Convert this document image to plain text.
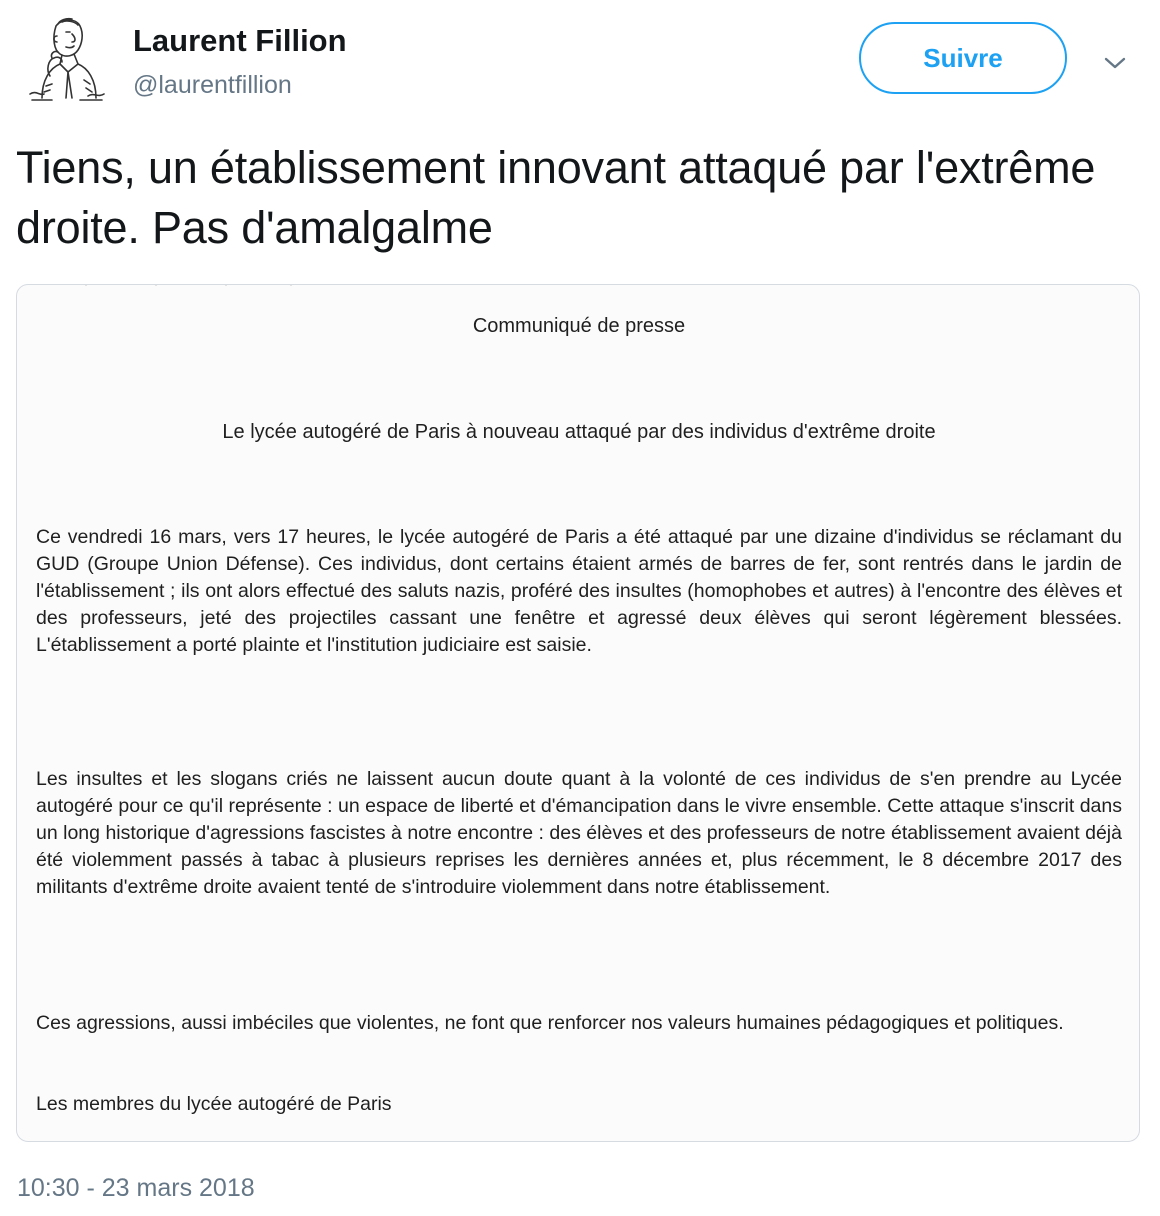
Laurent Fillion
@laurentfillion
Suivre
Tiens, un établissement innovant attaqué par l'extrême droite. Pas d'amalgalme
Communiqué de presse
Le lycée autogéré de Paris à nouveau attaqué par des individus d'extrême droite
Ce vendredi 16 mars, vers 17 heures, le lycée autogéré de Paris a été attaqué par une dizaine d'individus se réclamant du GUD (Groupe Union Défense). Ces individus, dont certains étaient armés de barres de fer, sont rentrés dans le jardin de l'établissement ; ils ont alors effectué des saluts nazis, proféré des insultes (homophobes et autres) à l'encontre des élèves et des professeurs, jeté des projectiles cassant une fenêtre et agressé deux élèves qui seront légèrement blessées. L'établissement a porté plainte et l'institution judiciaire est saisie.
Les insultes et les slogans criés ne laissent aucun doute quant à la volonté de ces individus de s'en prendre au Lycée autogéré pour ce qu'il représente : un espace de liberté et d'émancipation dans le vivre ensemble. Cette attaque s'inscrit dans un long historique d'agressions fascistes à notre encontre : des élèves et des professeurs de notre établissement avaient déjà été violemment passés à tabac à plusieurs reprises les dernières années et, plus récemment, le 8 décembre 2017 des militants d'extrême droite avaient tenté de s'introduire violemment dans notre établissement.
Ces agressions, aussi imbéciles que violentes, ne font que renforcer nos valeurs humaines pédagogiques et politiques.
Les membres du lycée autogéré de Paris
10:30 - 23 mars 2018
